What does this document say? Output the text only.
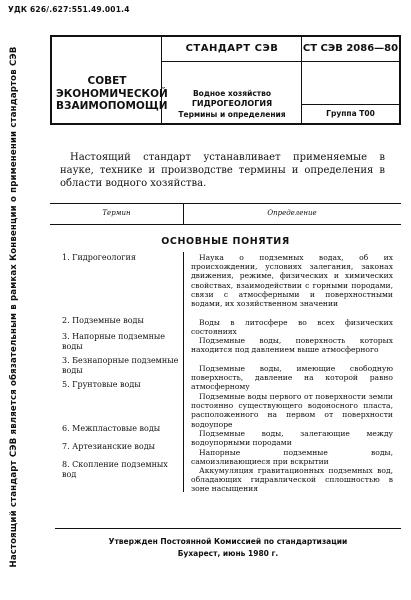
УДК 626/.627:551.49.001.4
Настоящий стандарт СЭВ является обязательным в рамках Конвенции о применении стандартов СЭВ	СОВЕТ
ЭКОНОМИЧЕСКОЙ
ВЗАИМОПОМОЩИ
СТАНДАРТ СЭВ
Водное хозяйство
ГИДРОГЕОЛОГИЯ
Термины и определения
СТ СЭВ 2086—80
Группа Т00
Настоящий стандарт устанавливает применяемые в науке, технике и производстве термины и определения в области водного хозяйства.
Термин	Определение
ОСНОВНЫЕ ПОНЯТИЯ
1. Гидрогеология
2. Подземные воды
3. Напорные подземные воды
3. Безнапорные подземные воды
5. Грунтовые воды
6. Межпластовые воды
7. Артезианские воды
8. Скопление подземных вод
Наука о подземных водах, об их происхождении, условиях залегания, законах движения, режиме, физических и химических свойствах, взаимодействии с горными породами, связи с атмосферными и поверхностными водами, их хозяйственном значении
Воды в литосфере во всех физических состояниях
Подземные воды, поверхность которых находится под давлением выше атмосферного
Подземные воды, имеющие свободную поверхность, давление на которой равно атмосферному
Подземные воды первого от поверхности земли постоянно существующего водоносного пласта, расположенного на первом от поверхности водоупоре
Подземные воды, залегающие между водоупорными породами
Напорные подземные воды, самоизливающиеся при вскрытии
Аккумуляция гравитационных подземных вод, обладающих гидравлической сплошностью в зоне насыщения
Утвержден Постоянной Комиссией по стандартизации
Бухарест, июнь 1980 г.
